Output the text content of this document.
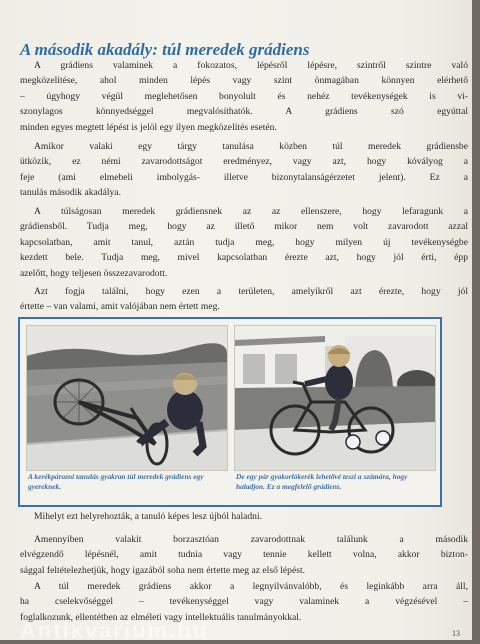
A második akadály: túl meredek grádiens
A grádiens valaminek a fokozatos, lépésről lépésre, szintről szintre való
megközelítése, ahol minden lépés vagy szint önmagában könnyen elérhető
– úgyhogy végül meglehetősen bonyolult és nehéz tevékenységek is vi-
szonylagos könnyedséggel megvalósíthatók. A grádiens szó egyúttal
minden egyes megtett lépést is jelöl egy ilyen megközelítés esetén.
Amikor valaki egy tárgy tanulása közben túl meredek grádiensbe
ütközik, ez némi zavarodottságot eredményez, vagy azt, hogy kóvályog a
feje (ami elmebeli imbolygás- illetve bizonytalanságérzetet jelent). Ez a
tanulás második akadálya.
A túlságosan meredek grádiensnek az az ellenszere, hogy lefaragunk a
grádiensből. Tudja meg, hogy az illető mikor nem volt zavarodott azzal
kapcsolatban, amit tanul, aztán tudja meg, hogy milyen új tevékenységbe
kezdett bele. Tudja meg, mivel kapcsolatban érezte azt, hogy jól érti, épp
azelőtt, hogy teljesen összezavarodott.
Azt fogja találni, hogy ezen a területen, amelyikről azt érezte, hogy jól
értette – van valami, amit valójában nem értett meg.
A kerékpározni tanulás gyakran túl meredek grádiens egy gyereknek.
De egy pár gyakorlókerék lehetővé teszi a számára, hogy haladjon. Ez a megfelelő grádiens.
Mihelyt ezt helyrehozták, a tanuló képes lesz újból haladni.
Amennyiben valakit borzasztóan zavarodottnak találunk a második
elvégzendő lépésnél, amit tudnia vagy tennie kellett volna, akkor bizton-
sággal feltételezhetjük, hogy igazából soha nem értette meg az első lépést.
A túl meredek grádiens akkor a legnyilvánvalóbb, és leginkább arra áll,
ha cselekvőséggel – tevékenységgel vagy valaminek a végzésével –
foglalkozunk, ellentétben az elméleti vagy intellektuális tanulmányokkal.
13
Antikvarium.hu
